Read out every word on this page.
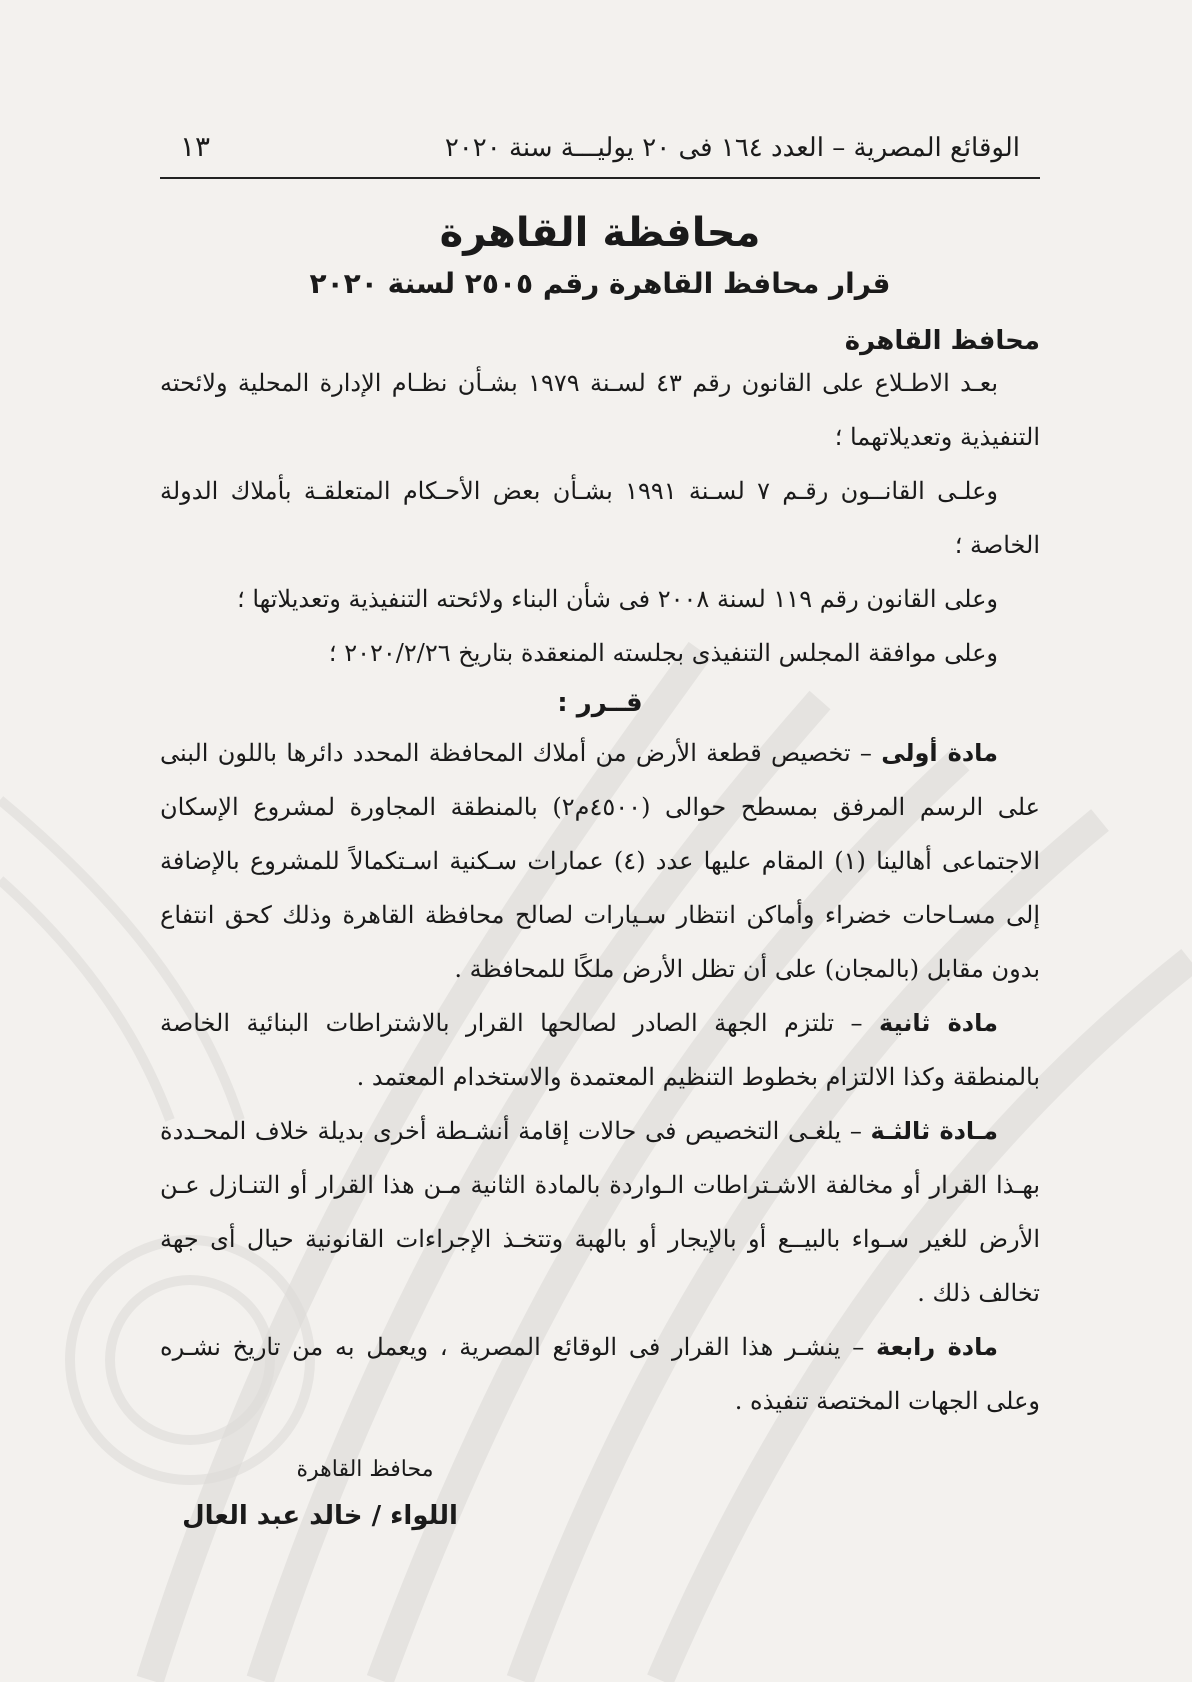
الوقائع المصرية – العدد ١٦٤ فى ٢٠ يوليـــة سنة ٢٠٢٠
١٣
محافظة القاهرة
قرار محافظ القاهرة رقم ٢٥٠٥ لسنة ٢٠٢٠
محافظ القاهرة
بعـد الاطـلاع على القانون رقم ٤٣ لسـنة ١٩٧٩ بشـأن نظـام الإدارة المحلية ولائحته التنفيذية وتعديلاتهما ؛
وعلـى القانــون رقـم ٧ لسـنة ١٩٩١ بشـأن بعض الأحـكام المتعلقـة بأملاك الدولة الخاصة ؛
وعلى القانون رقم ١١٩ لسنة ٢٠٠٨ فى شأن البناء ولائحته التنفيذية وتعديلاتها ؛
وعلى موافقة المجلس التنفيذى بجلسته المنعقدة بتاريخ ٢٠٢٠/٢/٢٦ ؛
قــرر :
مادة أولى – تخصيص قطعة الأرض من أملاك المحافظة المحدد دائرها باللون البنى على الرسم المرفق بمسطح حوالى (٤٥٠٠م٢) بالمنطقة المجاورة لمشروع الإسكان الاجتماعى أهالينا (١) المقام عليها عدد (٤) عمارات سـكنية اسـتكمالاً للمشروع بالإضافة إلى مسـاحات خضراء وأماكن انتظار سـيارات لصالح محافظة القاهرة وذلك كحق انتفاع بدون مقابل (بالمجان) على أن تظل الأرض ملكًا للمحافظة .
مادة ثانية – تلتزم الجهة الصادر لصالحها القرار بالاشتراطات البنائية الخاصة بالمنطقة وكذا الالتزام بخطوط التنظيم المعتمدة والاستخدام المعتمد .
مـادة ثالثـة – يلغـى التخصيص فى حالات إقامة أنشـطة أخرى بديلة خلاف المحـددة بهـذا القرار أو مخالفة الاشـتراطات الـواردة بالمادة الثانية مـن هذا القرار أو التنـازل عـن الأرض للغير سـواء بالبيــع أو بالإيجار أو بالهبة وتتخـذ الإجراءات القانونية حيال أى جهة تخالف ذلك .
مادة رابعة – ينشـر هذا القرار فى الوقائع المصرية ، ويعمل به من تاريخ نشـره وعلى الجهات المختصة تنفيذه .
محافظ القاهرة
اللواء / خالد عبد العال
